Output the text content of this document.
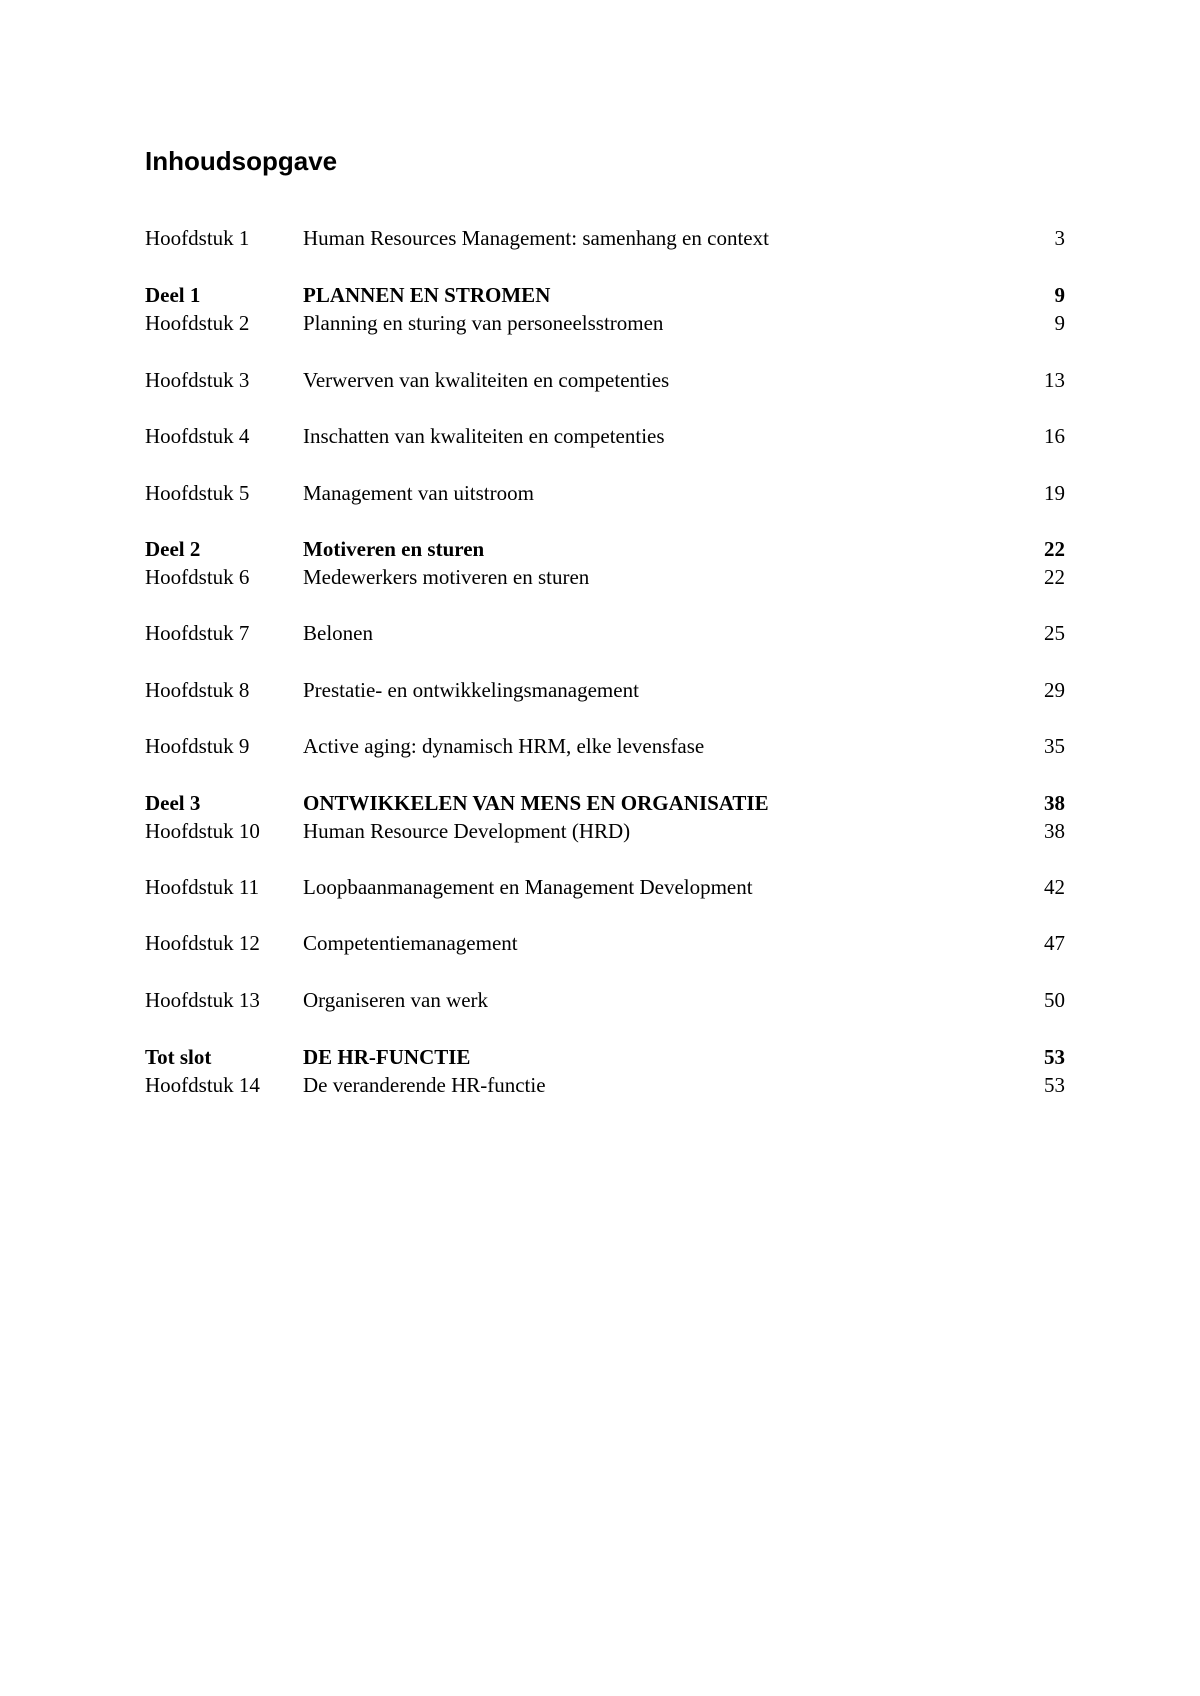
Inhoudsopgave
Hoofdstuk 1	Human Resources Management: samenhang en context	3
Deel 1	PLANNEN EN STROMEN	9
Hoofdstuk 2	Planning en sturing van personeelsstromen	9
Hoofdstuk 3	Verwerven van kwaliteiten en competenties	13
Hoofdstuk 4	Inschatten van kwaliteiten en competenties	16
Hoofdstuk 5	Management van uitstroom	19
Deel 2	Motiveren en sturen	22
Hoofdstuk 6	Medewerkers motiveren en sturen	22
Hoofdstuk 7	Belonen	25
Hoofdstuk 8	Prestatie- en ontwikkelingsmanagement	29
Hoofdstuk 9	Active aging: dynamisch HRM, elke levensfase	35
Deel 3	ONTWIKKELEN VAN MENS EN ORGANISATIE	38
Hoofdstuk 10 Human Resource Development (HRD)	38
Hoofdstuk 11 Loopbaanmanagement en Management Development	42
Hoofdstuk 12 Competentiemanagement	47
Hoofdstuk 13 Organiseren van werk	50
Tot slot	DE HR-FUNCTIE	53
Hoofdstuk 14 De veranderende HR-functie	53
